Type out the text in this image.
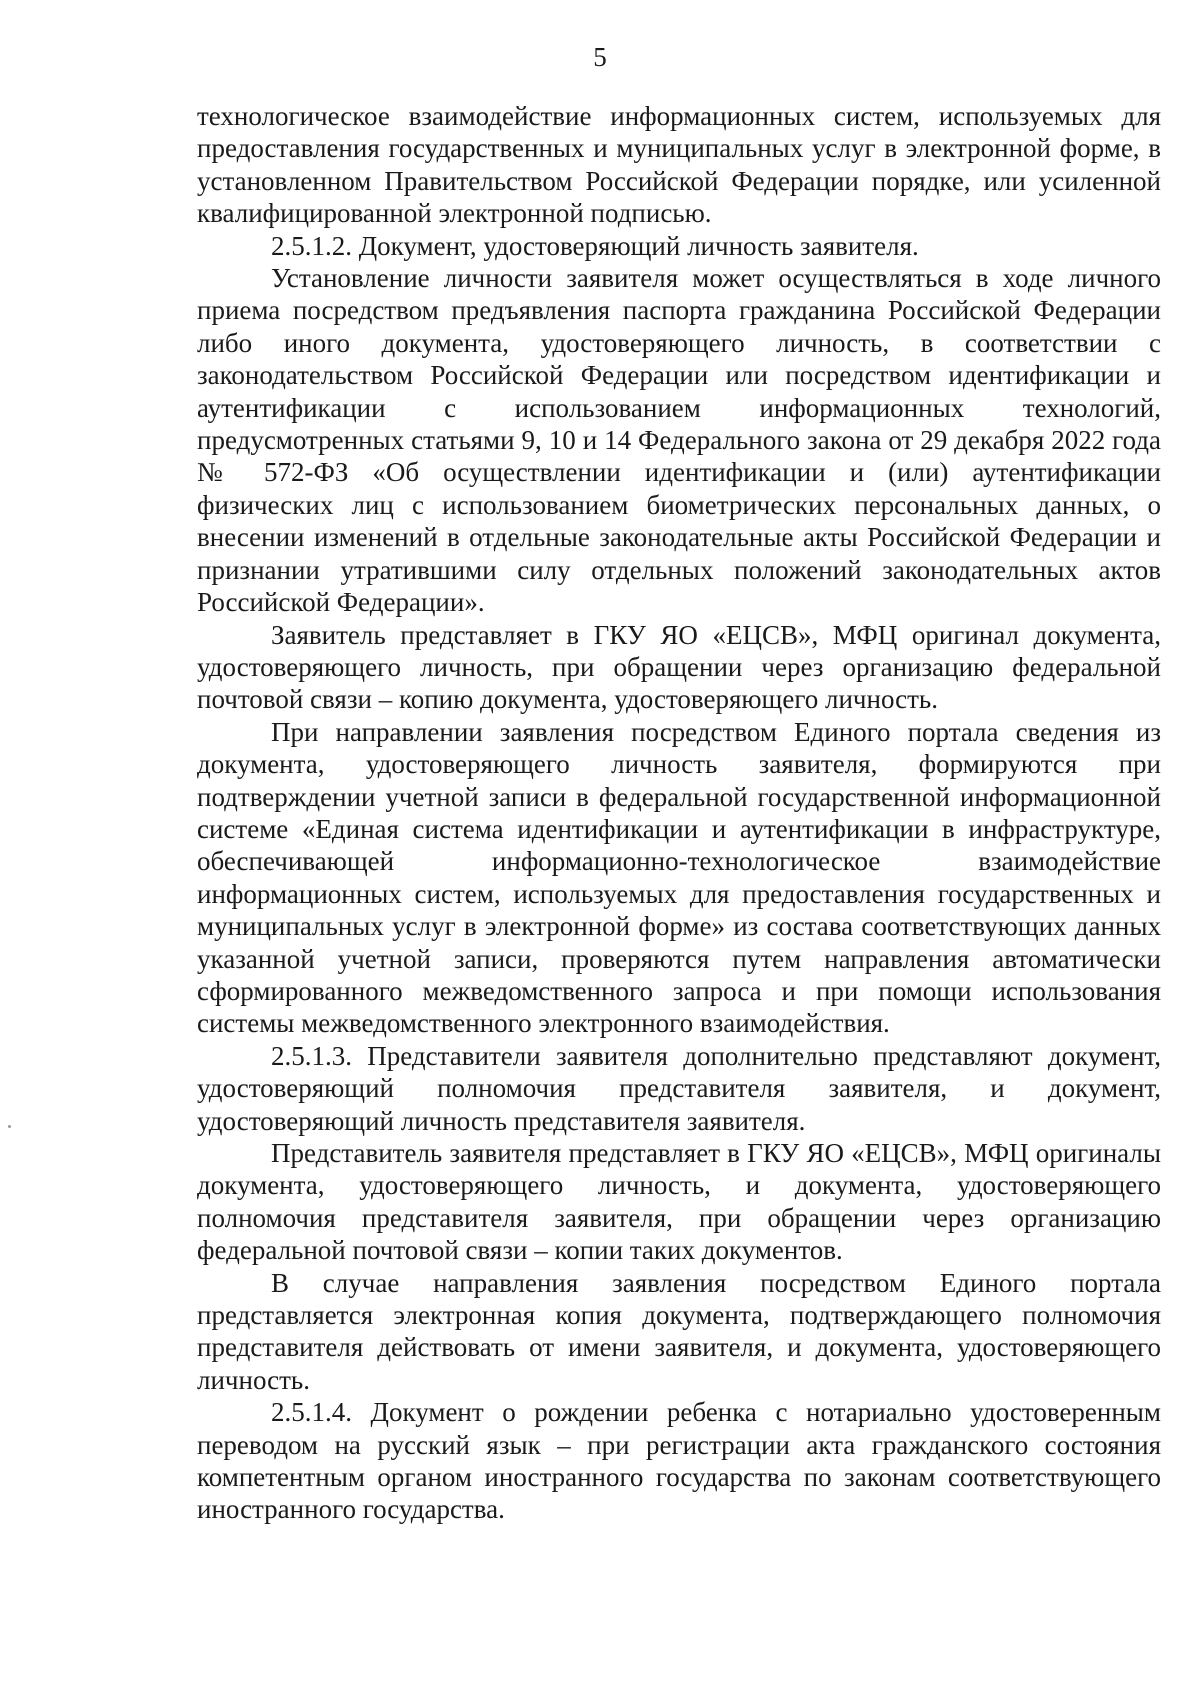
5

технологическое взаимодействие информационных систем, используемых для предоставления государственных и муниципальных услуг в электронной форме, в установленном Правительством Российской Федерации порядке, или усиленной квалифицированной электронной подписью.

2.5.1.2. Документ, удостоверяющий личность заявителя.

Установление личности заявителя может осуществляться в ходе личного приема посредством предъявления паспорта гражданина Российской Федерации либо иного документа, удостоверяющего личность, в соответствии с законодательством Российской Федерации или посредством идентификации и аутентификации с использованием информационных технологий, предусмотренных статьями 9, 10 и 14 Федерального закона от 29 декабря 2022 года № 572-ФЗ «Об осуществлении идентификации и (или) аутентификации физических лиц с использованием биометрических персональных данных, о внесении изменений в отдельные законодательные акты Российской Федерации и признании утратившими силу отдельных положений законодательных актов Российской Федерации».

Заявитель представляет в ГКУ ЯО «ЕЦСВ», МФЦ оригинал документа, удостоверяющего личность, при обращении через организацию федеральной почтовой связи – копию документа, удостоверяющего личность.

При направлении заявления посредством Единого портала сведения из документа, удостоверяющего личность заявителя, формируются при подтверждении учетной записи в федеральной государственной информационной системе «Единая система идентификации и аутентификации в инфраструктуре, обеспечивающей информационно-технологическое взаимодействие информационных систем, используемых для предоставления государственных и муниципальных услуг в электронной форме» из состава соответствующих данных указанной учетной записи, проверяются путем направления автоматически сформированного межведомственного запроса и при помощи использования системы межведомственного электронного взаимодействия.

2.5.1.3. Представители заявителя дополнительно представляют документ, удостоверяющий полномочия представителя заявителя, и документ, удостоверяющий личность представителя заявителя.

Представитель заявителя представляет в ГКУ ЯО «ЕЦСВ», МФЦ оригиналы документа, удостоверяющего личность, и документа, удостоверяющего полномочия представителя заявителя, при обращении через организацию федеральной почтовой связи – копии таких документов.

В случае направления заявления посредством Единого портала представляется электронная копия документа, подтверждающего полномочия представителя действовать от имени заявителя, и документа, удостоверяющего личность.

2.5.1.4. Документ о рождении ребенка с нотариально удостоверенным переводом на русский язык – при регистрации акта гражданского состояния компетентным органом иностранного государства по законам соответствующего иностранного государства.
